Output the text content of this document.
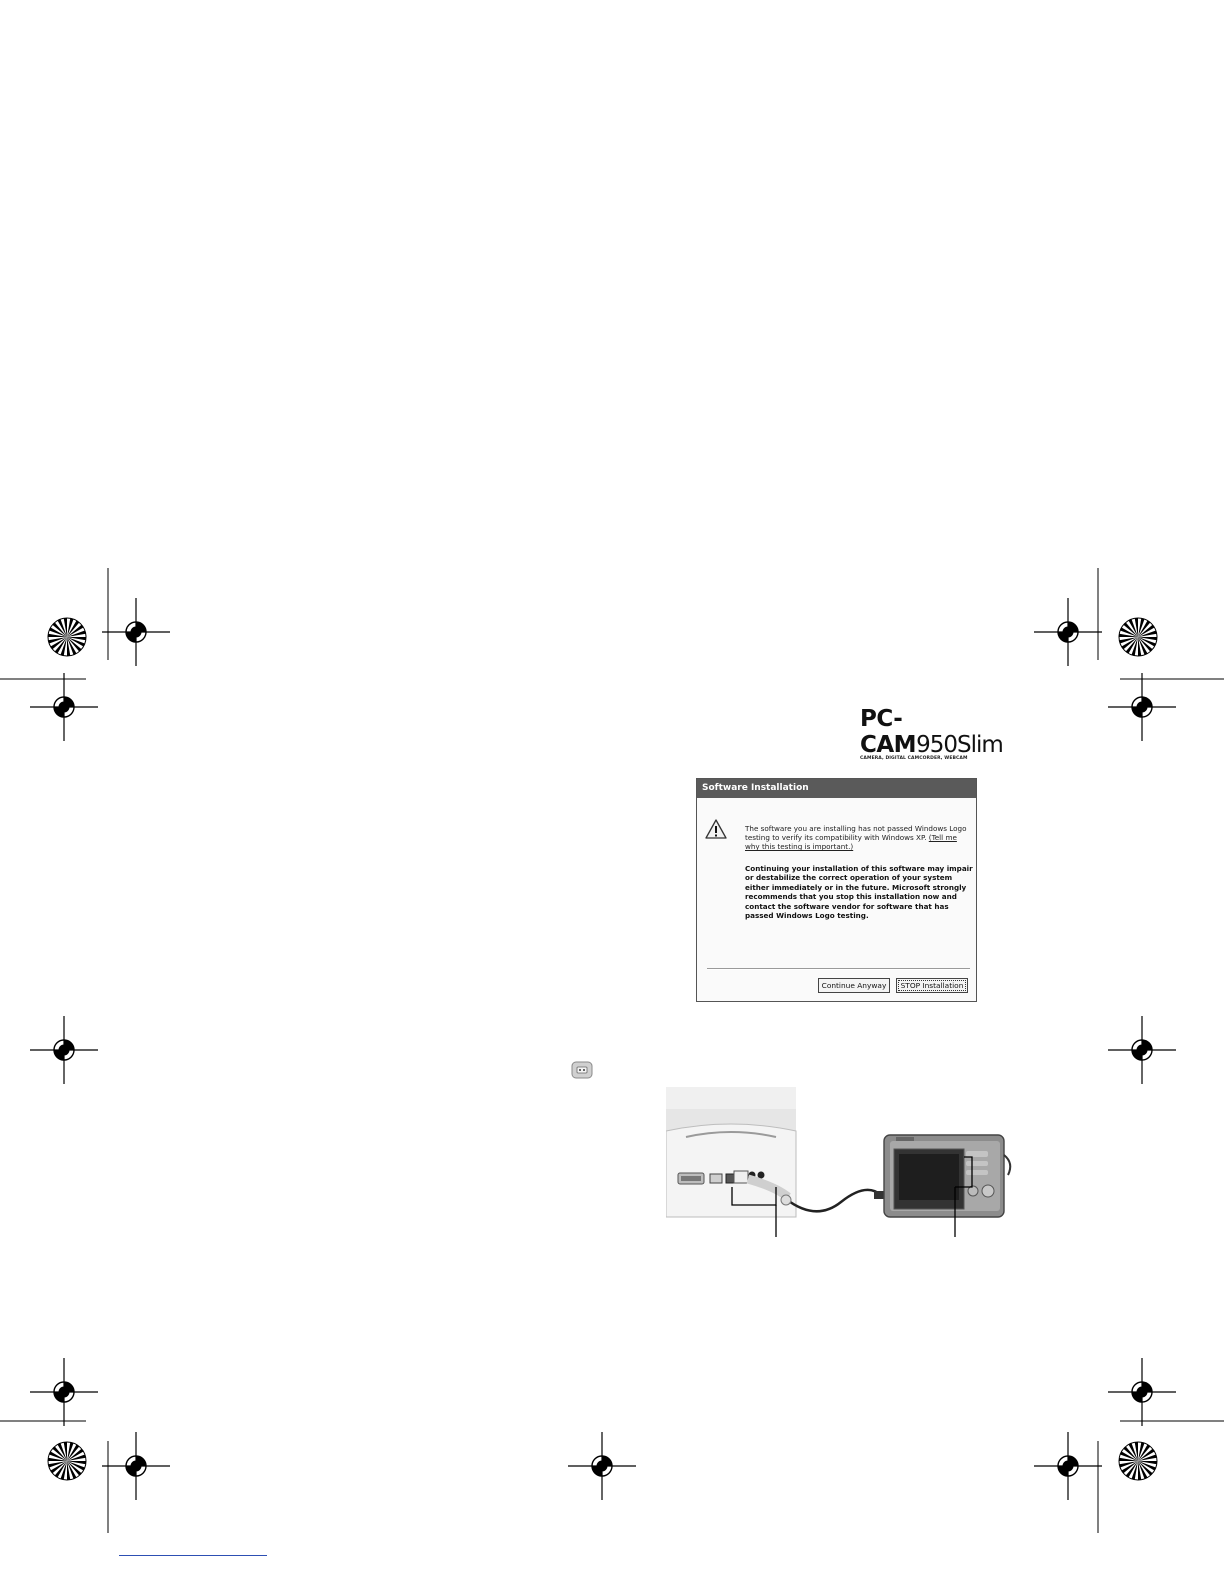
PC-CAM950Slim
CAMERA, DIGITAL CAMCORDER, WEBCAM
Software Installation
The software you are installing has not passed Windows Logo testing to verify its compatibility with Windows XP. (Tell me why this testing is important.)
Continuing your installation of this software may impair or destabilize the correct operation of your system either immediately or in the future. Microsoft strongly recommends that you stop this installation now and contact the software vendor for software that has passed Windows Logo testing.
Continue Anyway	STOP Installation
